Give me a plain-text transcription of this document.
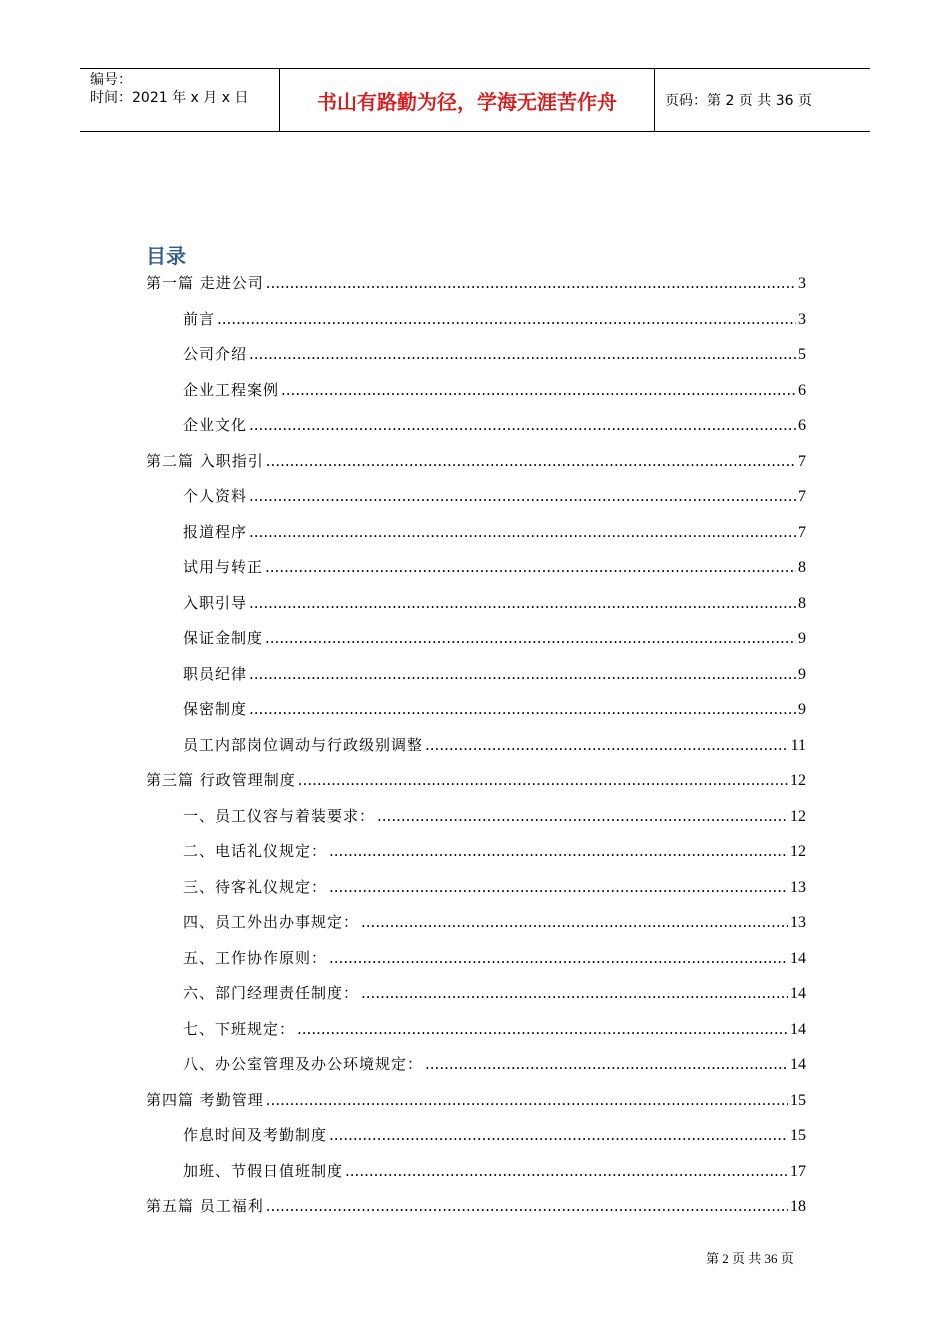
编号：
时间：2021 年 x 月 x 日	书山有路勤为径，学海无涯苦作舟	页码：第 2 页 共 36 页
目录
第一篇 走进公司 .....	3
前言 .....	3
公司介绍 .....	5
企业工程案例 .....	6
企业文化 .....	6
第二篇 入职指引 .....	7
个人资料 .....	7
报道程序 .....	7
试用与转正 .....	8
入职引导 .....	8
保证金制度 .....	9
职员纪律 .....	9
保密制度 .....	9
员工内部岗位调动与行政级别调整 .....	11
第三篇 行政管理制度 .....	12
一、员工仪容与着装要求： .....	12
二、电话礼仪规定： .....	12
三、待客礼仪规定： .....	13
四、员工外出办事规定： .....	13
五、工作协作原则： .....	14
六、部门经理责任制度： .....	14
七、下班规定： .....	14
八、办公室管理及办公环境规定： .....	14
第四篇 考勤管理 .....	15
作息时间及考勤制度 .....	15
加班、节假日值班制度 .....	17
第五篇 员工福利 .....	18
第 2 页 共 36 页
